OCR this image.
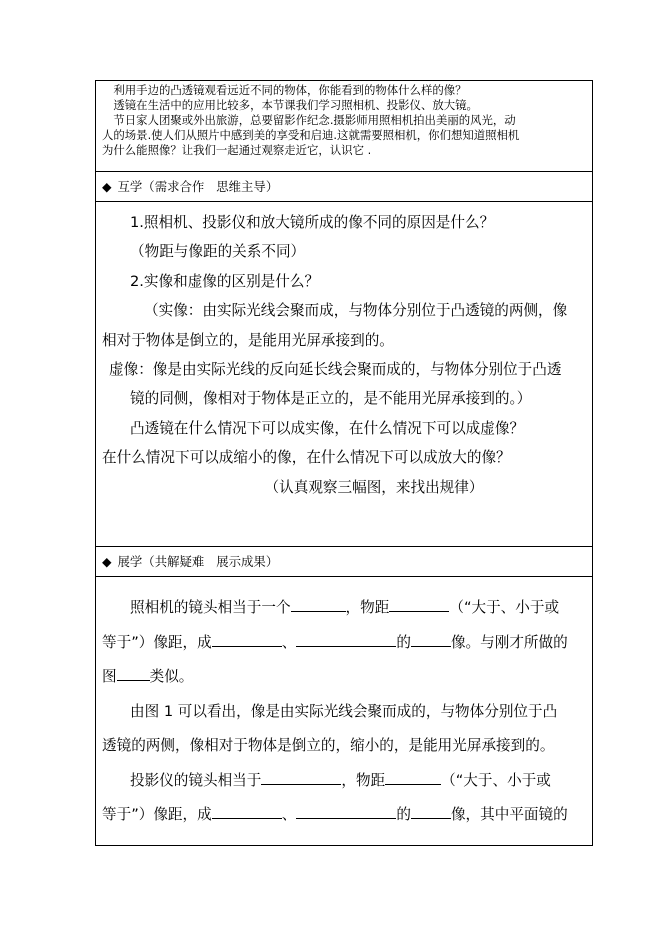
利用手边的凸透镜观看远近不同的物体，你能看到的物体什么样的像？

透镜在生活中的应用比较多，本节课我们学习照相机、投影仪、放大镜。

节日家人团聚或外出旅游，总要留影作纪念.摄影师用照相机拍出美丽的风光，动

人的场景.使人们从照片中感到美的享受和启迪.这就需要照相机，你们想知道照相机

为什么能照像？让我们一起通过观察走近它，认识它 .

◆ 互学（需求合作 思维主导）

1.照相机、投影仪和放大镜所成的像不同的原因是什么？

（物距与像距的关系不同）

2.实像和虚像的区别是什么？

（实像：由实际光线会聚而成，与物体分别位于凸透镜的两侧，像

相对于物体是倒立的，是能用光屏承接到的。

虚像：像是由实际光线的反向延长线会聚而成的，与物体分别位于凸透

镜的同侧，像相对于物体是正立的，是不能用光屏承接到的。）

凸透镜在什么情况下可以成实像，在什么情况下可以成虚像？

在什么情况下可以成缩小的像，在什么情况下可以成放大的像？

（认真观察三幅图，来找出规律）

◆ 展学（共解疑难 展示成果）

照相机的镜头相当于一个	，物距	（“大于、小于或

等于”）像距，成	、	的	像。与刚才所做的

图 类似。

由图 1 可以看出，像是由实际光线会聚而成的，与物体分别位于凸

透镜的两侧，像相对于物体是倒立的，缩小的，是能用光屏承接到的。

投影仪的镜头相当于	，物距	（“大于、小于或

等于”）像距，成	、	的	像，其中平面镜的
